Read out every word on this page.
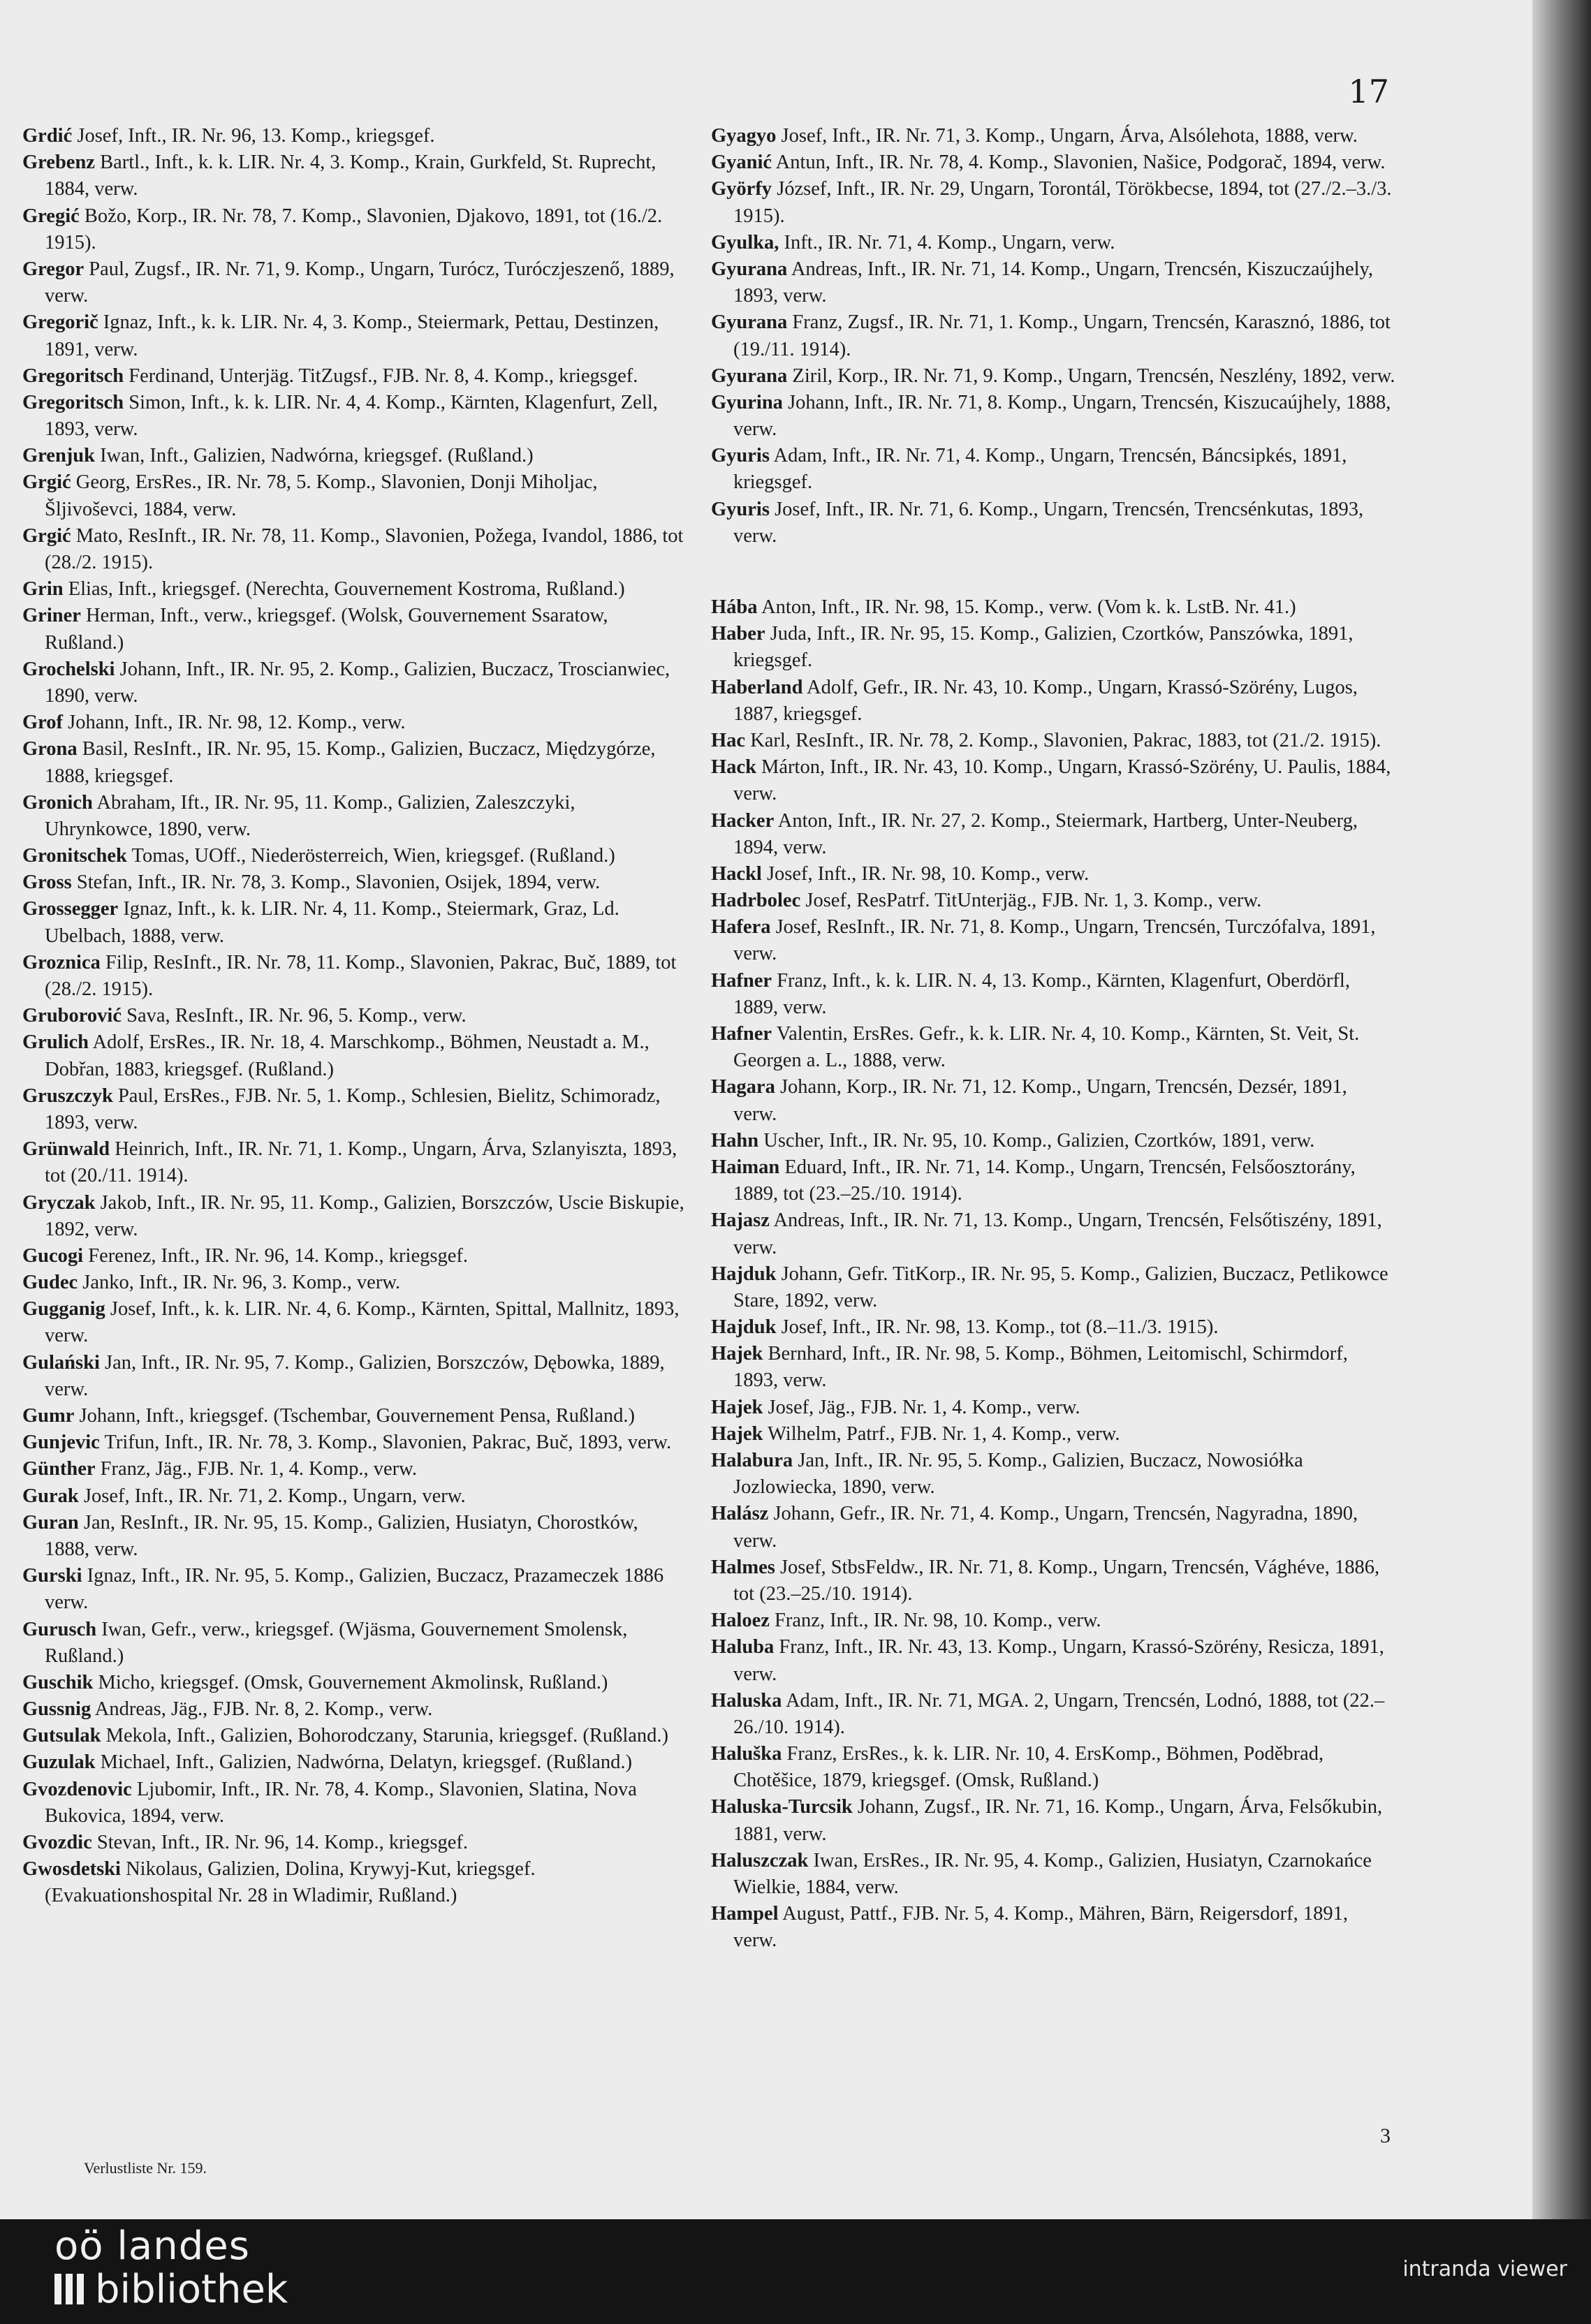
17

Grdić Josef, Inft., IR. Nr. 96, 13. Komp., kriegsgef.

Grebenz Bartl., Inft., k. k. LIR. Nr. 4, 3. Komp., Krain, Gurkfeld, St. Ruprecht, 1884, verw.

Gregić Božo, Korp., IR. Nr. 78, 7. Komp., Slavonien, Djakovo, 1891, tot (16./2. 1915).

Gregor Paul, Zugsf., IR. Nr. 71, 9. Komp., Ungarn, Turócz, Turóczjeszenő, 1889, verw.

Gregorič Ignaz, Inft., k. k. LIR. Nr. 4, 3. Komp., Steiermark, Pettau, Destinzen, 1891, verw.

Gregoritsch Ferdinand, Unterjäg. TitZugsf., FJB. Nr. 8, 4. Komp., kriegsgef.

Gregoritsch Simon, Inft., k. k. LIR. Nr. 4, 4. Komp., Kärnten, Klagenfurt, Zell, 1893, verw.

Grenjuk Iwan, Inft., Galizien, Nadwórna, kriegsgef. (Rußland.)

Grgić Georg, ErsRes., IR. Nr. 78, 5. Komp., Slavonien, Donji Miholjac, Šljivoševci, 1884, verw.

Grgić Mato, ResInft., IR. Nr. 78, 11. Komp., Slavonien, Požega, Ivandol, 1886, tot (28./2. 1915).

Grin Elias, Inft., kriegsgef. (Nerechta, Gouvernement Kostroma, Rußland.)

Griner Herman, Inft., verw., kriegsgef. (Wolsk, Gouvernement Ssaratow, Rußland.)

Grochelski Johann, Inft., IR. Nr. 95, 2. Komp., Galizien, Buczacz, Troscianwiec, 1890, verw.

Grof Johann, Inft., IR. Nr. 98, 12. Komp., verw.

Grona Basil, ResInft., IR. Nr. 95, 15. Komp., Galizien, Buczacz, Międzygórze, 1888, kriegsgef.

Gronich Abraham, Ift., IR. Nr. 95, 11. Komp., Galizien, Zaleszczyki, Uhrynkowce, 1890, verw.

Gronitschek Tomas, UOff., Niederösterreich, Wien, kriegsgef. (Rußland.)

Gross Stefan, Inft., IR. Nr. 78, 3. Komp., Slavonien, Osijek, 1894, verw.

Grossegger Ignaz, Inft., k. k. LIR. Nr. 4, 11. Komp., Steiermark, Graz, Ld. Ubelbach, 1888, verw.

Groznica Filip, ResInft., IR. Nr. 78, 11. Komp., Slavonien, Pakrac, Buč, 1889, tot (28./2. 1915).

Gruborović Sava, ResInft., IR. Nr. 96, 5. Komp., verw.

Grulich Adolf, ErsRes., IR. Nr. 18, 4. Marschkomp., Böhmen, Neustadt a. M., Dobřan, 1883, kriegsgef. (Rußland.)

Gruszczyk Paul, ErsRes., FJB. Nr. 5, 1. Komp., Schlesien, Bielitz, Schimoradz, 1893, verw.

Grünwald Heinrich, Inft., IR. Nr. 71, 1. Komp., Ungarn, Árva, Szlanyiszta, 1893, tot (20./11. 1914).

Gryczak Jakob, Inft., IR. Nr. 95, 11. Komp., Galizien, Borszczów, Uscie Biskupie, 1892, verw.

Gucogi Ferenez, Inft., IR. Nr. 96, 14. Komp., kriegsgef.

Gudec Janko, Inft., IR. Nr. 96, 3. Komp., verw.

Gugganig Josef, Inft., k. k. LIR. Nr. 4, 6. Komp., Kärnten, Spittal, Mallnitz, 1893, verw.

Gulański Jan, Inft., IR. Nr. 95, 7. Komp., Galizien, Borszczów, Dębowka, 1889, verw.

Gumr Johann, Inft., kriegsgef. (Tschembar, Gouvernement Pensa, Rußland.)

Gunjevic Trifun, Inft., IR. Nr. 78, 3. Komp., Slavonien, Pakrac, Buč, 1893, verw.

Günther Franz, Jäg., FJB. Nr. 1, 4. Komp., verw.

Gurak Josef, Inft., IR. Nr. 71, 2. Komp., Ungarn, verw.

Guran Jan, ResInft., IR. Nr. 95, 15. Komp., Galizien, Husiatyn, Chorostków, 1888, verw.

Gurski Ignaz, Inft., IR. Nr. 95, 5. Komp., Galizien, Buczacz, Prazameczek 1886 verw.

Gurusch Iwan, Gefr., verw., kriegsgef. (Wjäsma, Gouvernement Smolensk, Rußland.)

Guschik Micho, kriegsgef. (Omsk, Gouvernement Akmolinsk, Rußland.)

Gussnig Andreas, Jäg., FJB. Nr. 8, 2. Komp., verw.

Gutsulak Mekola, Inft., Galizien, Bohorodczany, Starunia, kriegsgef. (Rußland.)

Guzulak Michael, Inft., Galizien, Nadwórna, Delatyn, kriegsgef. (Rußland.)

Gvozdenovic Ljubomir, Inft., IR. Nr. 78, 4. Komp., Slavonien, Slatina, Nova Bukovica, 1894, verw.

Gvozdic Stevan, Inft., IR. Nr. 96, 14. Komp., kriegsgef.

Gwosdetski Nikolaus, Galizien, Dolina, Krywyj-Kut, kriegsgef. (Evakuationshospital Nr. 28 in Wladimir, Rußland.)

Gyagyo Josef, Inft., IR. Nr. 71, 3. Komp., Ungarn, Árva, Alsólehota, 1888, verw.

Gyanić Antun, Inft., IR. Nr. 78, 4. Komp., Slavonien, Našice, Podgorač, 1894, verw.

Györfy József, Inft., IR. Nr. 29, Ungarn, Torontál, Törökbecse, 1894, tot (27./2.–3./3. 1915).

Gyulka, Inft., IR. Nr. 71, 4. Komp., Ungarn, verw.

Gyurana Andreas, Inft., IR. Nr. 71, 14. Komp., Ungarn, Trencsén, Kiszuczaújhely, 1893, verw.

Gyurana Franz, Zugsf., IR. Nr. 71, 1. Komp., Ungarn, Trencsén, Karasznó, 1886, tot (19./11. 1914).

Gyurana Ziril, Korp., IR. Nr. 71, 9. Komp., Ungarn, Trencsén, Neszlény, 1892, verw.

Gyurina Johann, Inft., IR. Nr. 71, 8. Komp., Ungarn, Trencsén, Kiszucaújhely, 1888, verw.

Gyuris Adam, Inft., IR. Nr. 71, 4. Komp., Ungarn, Trencsén, Báncsipkés, 1891, kriegsgef.

Gyuris Josef, Inft., IR. Nr. 71, 6. Komp., Ungarn, Trencsén, Trencsénkutas, 1893, verw.

Hába Anton, Inft., IR. Nr. 98, 15. Komp., verw. (Vom k. k. LstB. Nr. 41.)

Haber Juda, Inft., IR. Nr. 95, 15. Komp., Galizien, Czortków, Panszówka, 1891, kriegsgef.

Haberland Adolf, Gefr., IR. Nr. 43, 10. Komp., Ungarn, Krassó-Szörény, Lugos, 1887, kriegsgef.

Hac Karl, ResInft., IR. Nr. 78, 2. Komp., Slavonien, Pakrac, 1883, tot (21./2. 1915).

Hack Márton, Inft., IR. Nr. 43, 10. Komp., Ungarn, Krassó-Szörény, U. Paulis, 1884, verw.

Hacker Anton, Inft., IR. Nr. 27, 2. Komp., Steiermark, Hartberg, Unter-Neuberg, 1894, verw.

Hackl Josef, Inft., IR. Nr. 98, 10. Komp., verw.

Hadrbolec Josef, ResPatrf. TitUnterjäg., FJB. Nr. 1, 3. Komp., verw.

Hafera Josef, ResInft., IR. Nr. 71, 8. Komp., Ungarn, Trencsén, Turczófalva, 1891, verw.

Hafner Franz, Inft., k. k. LIR. N. 4, 13. Komp., Kärnten, Klagenfurt, Oberdörfl, 1889, verw.

Hafner Valentin, ErsRes. Gefr., k. k. LIR. Nr. 4, 10. Komp., Kärnten, St. Veit, St. Georgen a. L., 1888, verw.

Hagara Johann, Korp., IR. Nr. 71, 12. Komp., Ungarn, Trencsén, Dezsér, 1891, verw.

Hahn Uscher, Inft., IR. Nr. 95, 10. Komp., Galizien, Czortków, 1891, verw.

Haiman Eduard, Inft., IR. Nr. 71, 14. Komp., Ungarn, Trencsén, Felsőosztorány, 1889, tot (23.–25./10. 1914).

Hajasz Andreas, Inft., IR. Nr. 71, 13. Komp., Ungarn, Trencsén, Felsőtiszény, 1891, verw.

Hajduk Johann, Gefr. TitKorp., IR. Nr. 95, 5. Komp., Galizien, Buczacz, Petlikowce Stare, 1892, verw.

Hajduk Josef, Inft., IR. Nr. 98, 13. Komp., tot (8.–11./3. 1915).

Hajek Bernhard, Inft., IR. Nr. 98, 5. Komp., Böhmen, Leitomischl, Schirmdorf, 1893, verw.

Hajek Josef, Jäg., FJB. Nr. 1, 4. Komp., verw.

Hajek Wilhelm, Patrf., FJB. Nr. 1, 4. Komp., verw.

Halabura Jan, Inft., IR. Nr. 95, 5. Komp., Galizien, Buczacz, Nowosiółka Jozlowiecka, 1890, verw.

Halász Johann, Gefr., IR. Nr. 71, 4. Komp., Ungarn, Trencsén, Nagyradna, 1890, verw.

Halmes Josef, StbsFeldw., IR. Nr. 71, 8. Komp., Ungarn, Trencsén, Vághéve, 1886, tot (23.–25./10. 1914).

Haloez Franz, Inft., IR. Nr. 98, 10. Komp., verw.

Haluba Franz, Inft., IR. Nr. 43, 13. Komp., Ungarn, Krassó-Szörény, Resicza, 1891, verw.

Haluska Adam, Inft., IR. Nr. 71, MGA. 2, Ungarn, Trencsén, Lodnó, 1888, tot (22.–26./10. 1914).

Haluška Franz, ErsRes., k. k. LIR. Nr. 10, 4. ErsKomp., Böhmen, Poděbrad, Chotěšice, 1879, kriegsgef. (Omsk, Rußland.)

Haluska-Turcsik Johann, Zugsf., IR. Nr. 71, 16. Komp., Ungarn, Árva, Felsőkubin, 1881, verw.

Haluszczak Iwan, ErsRes., IR. Nr. 95, 4. Komp., Galizien, Husiatyn, Czarnokańce Wielkie, 1884, verw.

Hampel August, Pattf., FJB. Nr. 5, 4. Komp., Mähren, Bärn, Reigersdorf, 1891, verw.

Verlustliste Nr. 159.
3
oö landes
bibliothek	intranda viewer
